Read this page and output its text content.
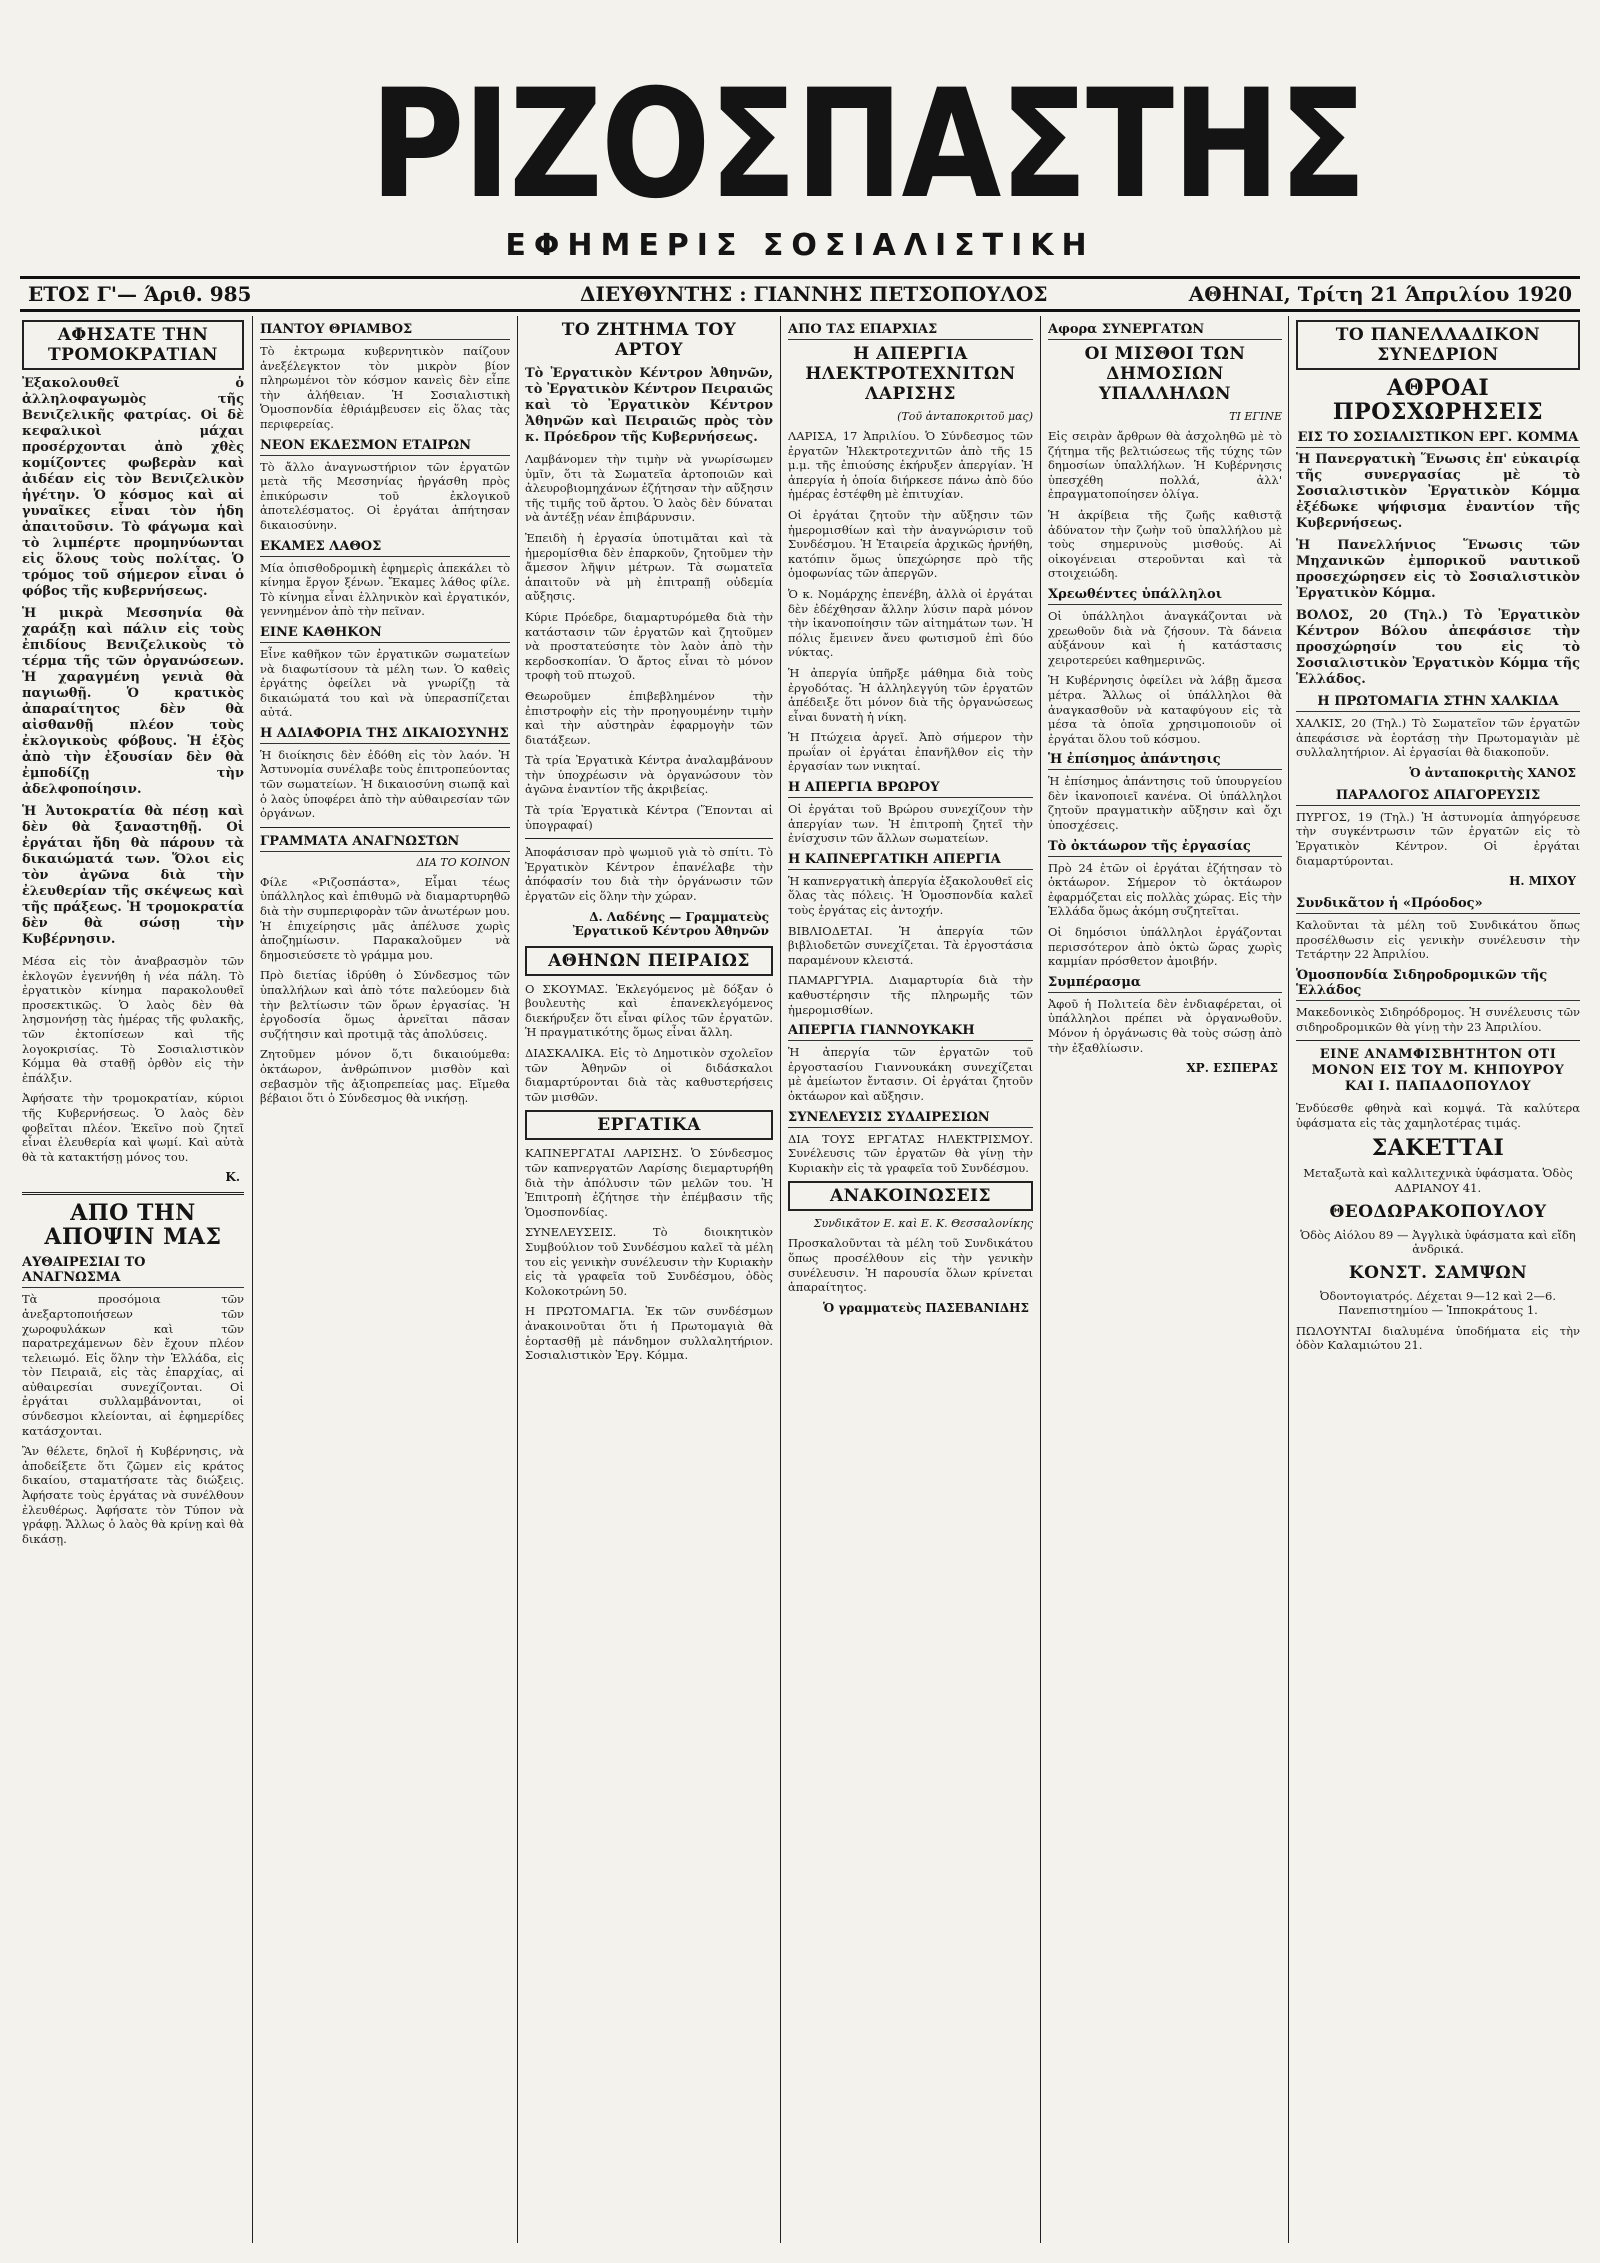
ΡΙΖΟΣΠΑΣΤΗΣ
ΕΦΗΜΕΡΙΣ ΣΟΣΙΑΛΙΣΤΙΚΗ
ΕΤΟΣ Γ'— Άριθ. 985	ΔΙΕΥΘΥΝΤΗΣ : ΓΙΑΝΝΗΣ ΠΕΤΣΟΠΟΥΛΟΣ	ΑΘΗΝΑΙ, Τρίτη 21 Άπριλίου 1920
ΑΦΗΣΑΤΕ ΤΗΝ ΤΡΟΜΟΚΡΑΤΙΑΝ

Ἐξακολουθεῖ ὁ ἀλληλοφαγωμὸς τῆς Βενιζελικῆς φατρίας. Οἱ δὲ κεφαλικοὶ μάχαι προσέρχονται ἀπὸ χθὲς κομίζοντες φωβερὰν καὶ ἀιδέαν εἰς τὸν Βενιζελικὸν ἡγέτην. Ὁ κόσμος καὶ αἱ γυναῖκες εἶναι τὸν ἡδη ἀπαιτοῦσιν. Τὸ φάγωμα καὶ τὸ λιμπέρτε προμηνύωνται εἰς ὅλους τοὺς πολίτας. Ὁ τρόμος τοῦ σήμερον εἶναι ὁ φόβος τῆς κυβερνήσεως.

Ἡ μικρὰ Μεσσηνία θὰ χαράξῃ καὶ πάλιν εἰς τοὺς ἐπιδίους Βενιζελικοὺς τὸ τέρμα τῆς τῶν ὀργανώσεων. Ἡ χαραγμένη γενιὰ θὰ παγιωθῇ. Ὁ κρατικὸς ἀπαραίτητος δὲν θὰ αἰσθανθῇ πλέον τοὺς ἐκλογικοὺς φόβους. Ἡ ἑξὸς ἀπὸ τὴν ἐξουσίαν δὲν θὰ ἐμποδίζῃ τὴν ἀδελφοποίησιν.

Ἡ Ἀυτοκρατία θὰ πέσῃ καὶ δὲν θὰ ξαναστηθῇ. Οἱ ἐργάται ἤδη θὰ πάρουν τὰ δικαιώματά των. Ὅλοι εἰς τὸν ἀγῶνα διὰ τὴν ἐλευθερίαν τῆς σκέψεως καὶ τῆς πράξεως. Ἡ τρομοκρατία δὲν θὰ σώσῃ τὴν Κυβέρνησιν.

Μέσα εἰς τὸν ἀναβρασμὸν τῶν ἐκλογῶν ἐγεννήθη ἡ νέα πάλη. Τὸ ἐργατικὸν κίνημα παρακολουθεῖ προσεκτικῶς. Ὁ λαὸς δὲν θὰ λησμονήσῃ τὰς ἡμέρας τῆς φυλακῆς, τῶν ἐκτοπίσεων καὶ τῆς λογοκρισίας. Τὸ Σοσιαλιστικὸν Κόμμα θὰ σταθῇ ὀρθὸν εἰς τὴν ἐπάλξιν.

Ἀφήσατε τὴν τρομοκρατίαν, κύριοι τῆς Κυβερνήσεως. Ὁ λαὸς δὲν φοβεῖται πλέον. Ἐκεῖνο ποὺ ζητεῖ εἶναι ἐλευθερία καὶ ψωμί. Καὶ αὐτὰ θὰ τὰ κατακτήσῃ μόνος του.

Κ.
ΑΠΟ ΤΗΝ ΑΠΟΨΙΝ ΜΑΣ
ΑΥΘΑΙΡΕΣΙΑΙ ΤΟ ΑΝΑΓΝΩΣΜΑ

Τὰ προσόμοια τῶν ἀνεξαρτοποιήσεων τῶν χωροφυλάκων καὶ τῶν παρατρεχάμενων δὲν ἔχουν πλέον τελειωμό. Εἰς ὅλην τὴν Ἑλλάδα, εἰς τὸν Πειραιᾶ, εἰς τὰς ἐπαρχίας, αἱ αὐθαιρεσίαι συνεχίζονται. Οἱ ἐργάται συλλαμβάνονται, οἱ σύνδεσμοι κλείονται, αἱ ἐφημερίδες κατάσχονται.

Ἂν θέλετε, δηλοῖ ἡ Κυβέρνησις, νὰ ἀποδείξετε ὅτι ζῶμεν εἰς κράτος δικαίου, σταματήσατε τὰς διώξεις. Ἀφήσατε τοὺς ἐργάτας νὰ συνέλθουν ἐλευθέρως. Ἀφήσατε τὸν Τύπον νὰ γράφῃ. Ἄλλως ὁ λαὸς θὰ κρίνῃ καὶ θὰ δικάσῃ.

ΠΑΝΤΟΥ ΘΡΙΑΜΒΟΣ

Τὸ ἐκτρωμα κυβερνητικὸν παίζουν ἀνεξέλεγκτον τὸν μικρὸν βίον πληρωμένοι τὸν κόσμον κανεὶς δὲν εἶπε τὴν ἀλήθειαν. Ἡ Σοσιαλιστικὴ Ὁμοσπονδία ἐθριάμβευσεν εἰς ὅλας τὰς περιφερείας.

ΝΕΟΝ ΕΚΔΕΣΜΟΝ ΕΤΑΙΡΩΝ

Τὸ ἄλλο ἀναγνωστήριον τῶν ἐργατῶν μετὰ τῆς Μεσσηνίας ἠργάσθη πρὸς ἐπικύρωσιν τοῦ ἐκλογικοῦ ἀποτελέσματος. Οἱ ἐργάται ἀπήτησαν δικαιοσύνην.

ΕΚΑΜΕΣ ΛΑΘΟΣ

Μία ὁπισθοδρομικὴ ἐφημερὶς ἀπεκάλει τὸ κίνημα ἔργον ξένων. Ἔκαμες λάθος φίλε. Τὸ κίνημα εἶναι ἑλληνικὸν καὶ ἐργατικόν, γεννημένον ἀπὸ τὴν πεῖναν.

ΕΙΝΕ ΚΑΘΗΚΟΝ

Εἶνε καθῆκον τῶν ἐργατικῶν σωματείων νὰ διαφωτίσουν τὰ μέλη των. Ὁ καθεὶς ἐργάτης ὀφείλει νὰ γνωρίζῃ τὰ δικαιώματά του καὶ νὰ ὑπερασπίζεται αὐτά.

Η ΑΔΙΑΦΟΡΙΑ ΤΗΣ ΔΙΚΑΙΟΣΥΝΗΣ

Ἡ διοίκησις δὲν ἐδόθη εἰς τὸν λαόν. Ἡ Ἀστυνομία συνέλαβε τοὺς ἐπιτροπεύοντας τῶν σωματείων. Ἡ δικαιοσύνη σιωπᾷ καὶ ὁ λαὸς ὑποφέρει ἀπὸ τὴν αὐθαιρεσίαν τῶν ὀργάνων.

ΓΡΑΜΜΑΤΑ ΑΝΑΓΝΩΣΤΩΝ
ΔΙΑ ΤΟ ΚΟΙΝΟΝ

Φίλε «Ριζοσπάστα», Εἶμαι τέως ὑπάλληλος καὶ ἐπιθυμῶ νὰ διαμαρτυρηθῶ διὰ τὴν συμπεριφορὰν τῶν ἀνωτέρων μου. Ἡ ἐπιχείρησις μᾶς ἀπέλυσε χωρὶς ἀποζημίωσιν. Παρακαλοῦμεν νὰ δημοσιεύσετε τὸ γράμμα μου.

Πρὸ διετίας ἱδρύθη ὁ Σύνδεσμος τῶν ὑπαλλήλων καὶ ἀπὸ τότε παλεύομεν διὰ τὴν βελτίωσιν τῶν ὅρων ἐργασίας. Ἡ ἐργοδοσία ὅμως ἀρνεῖται πᾶσαν συζήτησιν καὶ προτιμᾷ τὰς ἀπολύσεις.

Ζητοῦμεν μόνον ὅ,τι δικαιούμεθα: ὀκτάωρον, ἀνθρώπινον μισθὸν καὶ σεβασμὸν τῆς ἀξιοπρεπείας μας. Εἴμεθα βέβαιοι ὅτι ὁ Σύνδεσμος θὰ νικήσῃ.

ΤΟ ΖΗΤΗΜΑ ΤΟΥ ΑΡΤΟΥ

Τὸ Ἐργατικὸν Κέντρον Ἀθηνῶν, τὸ Ἐργατικὸν Κέντρον Πειραιῶς καὶ τὸ Ἐργατικὸν Κέντρον Ἀθηνῶν καὶ Πειραιῶς πρὸς τὸν κ. Πρόεδρον τῆς Κυβερνήσεως.

Λαμβάνομεν τὴν τιμὴν νὰ γνωρίσωμεν ὑμῖν, ὅτι τὰ Σωματεῖα ἀρτοποιῶν καὶ ἀλευροβιομηχάνων ἐζήτησαν τὴν αὔξησιν τῆς τιμῆς τοῦ ἄρτου. Ὁ λαὸς δὲν δύναται νὰ ἀντέξῃ νέαν ἐπιβάρυνσιν.

Ἐπειδὴ ἡ ἐργασία ὑποτιμᾶται καὶ τὰ ἡμερομίσθια δὲν ἐπαρκοῦν, ζητοῦμεν τὴν ἄμεσον λῆψιν μέτρων. Τὰ σωματεῖα ἀπαιτοῦν νὰ μὴ ἐπιτραπῇ οὐδεμία αὔξησις.

Κύριε Πρόεδρε, διαμαρτυρόμεθα διὰ τὴν κατάστασιν τῶν ἐργατῶν καὶ ζητοῦμεν νὰ προστατεύσητε τὸν λαὸν ἀπὸ τὴν κερδοσκοπίαν. Ὁ ἄρτος εἶναι τὸ μόνον τροφὴ τοῦ πτωχοῦ.

Θεωροῦμεν ἐπιβεβλημένον τὴν ἐπιστροφὴν εἰς τὴν προηγουμένην τιμὴν καὶ τὴν αὐστηρὰν ἐφαρμογὴν τῶν διατάξεων.

Τὰ τρία Ἐργατικὰ Κέντρα ἀναλαμβάνουν τὴν ὑποχρέωσιν νὰ ὀργανώσουν τὸν ἀγῶνα ἐναντίον τῆς ἀκριβείας.

Τὰ τρία Ἐργατικὰ Κέντρα (Ἕπονται αἱ ὑπογραφαί)

Ἀποφάσισαν πρὸ ψωμιοῦ γιὰ τὸ σπίτι. Τὸ Ἐργατικὸν Κέντρον ἐπανέλαβε τὴν ἀπόφασίν του διὰ τὴν ὀργάνωσιν τῶν ἐργατῶν εἰς ὅλην τὴν χώραν.

Δ. Λαδένης — Γραμματεὺς Ἐργατικοῦ Κέντρου Ἀθηνῶν
ΑΘΗΝΩΝ ΠΕΙΡΑΙΩΣ

Ο ΣΚΟΥΜΑΣ. Ἐκλεγόμενος μὲ δόξαν ὁ βουλευτὴς καὶ ἐπανεκλεγόμενος διεκήρυξεν ὅτι εἶναι φίλος τῶν ἐργατῶν. Ἡ πραγματικότης ὅμως εἶναι ἄλλη.

ΔΙΑΣΚΑΛΙΚΑ. Εἰς τὸ Δημοτικὸν σχολεῖον τῶν Ἀθηνῶν οἱ διδάσκαλοι διαμαρτύρονται διὰ τὰς καθυστερήσεις τῶν μισθῶν.

ΕΡΓΑΤΙΚΑ

ΚΑΠΝΕΡΓΑΤΑΙ ΛΑΡΙΣΗΣ. Ὁ Σύνδεσμος τῶν καπνεργατῶν Λαρίσης διεμαρτυρήθη διὰ τὴν ἀπόλυσιν τῶν μελῶν του. Ἡ Ἐπιτροπὴ ἐζήτησε τὴν ἐπέμβασιν τῆς Ὁμοσπονδίας.

ΣΥΝΕΛΕΥΣΕΙΣ. Τὸ διοικητικὸν Συμβούλιον τοῦ Συνδέσμου καλεῖ τὰ μέλη του εἰς γενικὴν συνέλευσιν τὴν Κυριακὴν εἰς τὰ γραφεῖα τοῦ Συνδέσμου, ὁδὸς Κολοκοτρώνη 50.

Η ΠΡΩΤΟΜΑΓΙΑ. Ἐκ τῶν συνδέσμων ἀνακοινοῦται ὅτι ἡ Πρωτομαγιὰ θὰ ἑορτασθῇ μὲ πάνδημον συλλαλητήριον. Σοσιαλιστικὸν Ἐργ. Κόμμα.

ΑΠΟ ΤΑΣ ΕΠΑΡΧΙΑΣ
Η ΑΠΕΡΓΙΑ ΗΛΕΚΤΡΟΤΕΧΝΙΤΩΝ ΛΑΡΙΣΗΣ
(Τοῦ ἀνταποκριτοῦ μας)

ΛΑΡΙΣΑ, 17 Ἀπριλίου. Ὁ Σύνδεσμος τῶν ἐργατῶν Ἠλεκτροτεχνιτῶν ἀπὸ τῆς 15 μ.μ. τῆς ἐπιούσης ἐκήρυξεν ἀπεργίαν. Ἡ ἀπεργία ἡ ὁποία διήρκεσε πάνω ἀπὸ δύο ἡμέρας ἐστέφθη μὲ ἐπιτυχίαν.

Οἱ ἐργάται ζητοῦν τὴν αὔξησιν τῶν ἡμερομισθίων καὶ τὴν ἀναγνώρισιν τοῦ Συνδέσμου. Ἡ Ἑταιρεία ἀρχικῶς ἠρνήθη, κατόπιν ὅμως ὑπεχώρησε πρὸ τῆς ὁμοφωνίας τῶν ἀπεργῶν.

Ὁ κ. Νομάρχης ἐπενέβη, ἀλλὰ οἱ ἐργάται δὲν ἐδέχθησαν ἄλλην λύσιν παρὰ μόνον τὴν ἱκανοποίησιν τῶν αἰτημάτων των. Ἡ πόλις ἔμεινεν ἄνευ φωτισμοῦ ἐπὶ δύο νύκτας.

Ἡ ἀπεργία ὑπῆρξε μάθημα διὰ τοὺς ἐργοδότας. Ἡ ἀλληλεγγύη τῶν ἐργατῶν ἀπέδειξε ὅτι μόνον διὰ τῆς ὀργανώσεως εἶναι δυνατὴ ἡ νίκη.

Ἡ Πτώχεια ἀργεῖ. Ἀπὸ σήμερον τὴν πρωΐαν οἱ ἐργάται ἐπανῆλθον εἰς τὴν ἐργασίαν των νικηταί.

Η ΑΠΕΡΓΙΑ ΒΡΩΡΟΥ

Οἱ ἐργάται τοῦ Βρώρου συνεχίζουν τὴν ἀπεργίαν των. Ἡ ἐπιτροπὴ ζητεῖ τὴν ἐνίσχυσιν τῶν ἄλλων σωματείων.

Η ΚΑΠΝΕΡΓΑΤΙΚΗ ΑΠΕΡΓΙΑ

Ἡ καπνεργατικὴ ἀπεργία ἐξακολουθεῖ εἰς ὅλας τὰς πόλεις. Ἡ Ὁμοσπονδία καλεῖ τοὺς ἐργάτας εἰς ἀντοχήν.

ΒΙΒΛΙΟΔΕΤΑΙ. Ἡ ἀπεργία τῶν βιβλιοδετῶν συνεχίζεται. Τὰ ἐργοστάσια παραμένουν κλειστά.

ΠΑΜΑΡΓΥΡΙΑ. Διαμαρτυρία διὰ τὴν καθυστέρησιν τῆς πληρωμῆς τῶν ἡμερομισθίων.

ΑΠΕΡΓΙΑ ΓΙΑΝΝΟΥΚΑΚΗ

Ἡ ἀπεργία τῶν ἐργατῶν τοῦ ἐργοστασίου Γιαννουκάκη συνεχίζεται μὲ ἀμείωτον ἔντασιν. Οἱ ἐργάται ζητοῦν ὀκτάωρον καὶ αὔξησιν.

ΣΥΝΕΛΕΥΣΙΣ ΣΥΔΑΙΡΕΣΙΩΝ

ΔΙΑ ΤΟΥΣ ΕΡΓΑΤΑΣ ΗΛΕΚΤΡΙΣΜΟΥ. Συνέλευσις τῶν ἐργατῶν θὰ γίνῃ τὴν Κυριακὴν εἰς τὰ γραφεῖα τοῦ Συνδέσμου.

ΑΝΑΚΟΙΝΩΣΕΙΣ
Συνδικᾶτον Ε. καὶ Ε. Κ. Θεσσαλονίκης

Προσκαλοῦνται τὰ μέλη τοῦ Συνδικάτου ὅπως προσέλθουν εἰς τὴν γενικὴν συνέλευσιν. Ἡ παρουσία ὅλων κρίνεται ἀπαραίτητος.

Ὁ γραμματεὺς ΠΑΣΕΒΑΝΙΔΗΣ
Αφορα ΣΥΝΕΡΓΑΤΩΝ
ΟΙ ΜΙΣΘΟΙ ΤΩΝ ΔΗΜΟΣΙΩΝ ΥΠΑΛΛΗΛΩΝ
ΤΙ ΕΓΙΝΕ

Εἰς σειρὰν ἄρθρων θὰ ἀσχοληθῶ μὲ τὸ ζήτημα τῆς βελτιώσεως τῆς τύχης τῶν δημοσίων ὑπαλλήλων. Ἡ Κυβέρνησις ὑπεσχέθη πολλά, ἀλλ' ἐπραγματοποίησεν ὀλίγα.

Ἡ ἀκρίβεια τῆς ζωῆς καθιστᾷ ἀδύνατον τὴν ζωὴν τοῦ ὑπαλλήλου μὲ τοὺς σημερινοὺς μισθούς. Αἱ οἰκογένειαι στεροῦνται καὶ τὰ στοιχειώδη.

Χρεωθέντες ὑπάλληλοι

Οἱ ὑπάλληλοι ἀναγκάζονται νὰ χρεωθοῦν διὰ νὰ ζήσουν. Τὰ δάνεια αὐξάνουν καὶ ἡ κατάστασις χειροτερεύει καθημερινῶς.

Ἡ Κυβέρνησις ὀφείλει νὰ λάβῃ ἄμεσα μέτρα. Ἄλλως οἱ ὑπάλληλοι θὰ ἀναγκασθοῦν νὰ καταφύγουν εἰς τὰ μέσα τὰ ὁποῖα χρησιμοποιοῦν οἱ ἐργάται ὅλου τοῦ κόσμου.

Ἡ ἐπίσημος ἀπάντησις

Ἡ ἐπίσημος ἀπάντησις τοῦ ὑπουργείου δὲν ἱκανοποιεῖ κανένα. Οἱ ὑπάλληλοι ζητοῦν πραγματικὴν αὔξησιν καὶ ὄχι ὑποσχέσεις.

Τὸ ὀκτάωρον τῆς ἐργασίας

Πρὸ 24 ἐτῶν οἱ ἐργάται ἐζήτησαν τὸ ὀκτάωρον. Σήμερον τὸ ὀκτάωρον ἐφαρμόζεται εἰς πολλὰς χώρας. Εἰς τὴν Ἑλλάδα ὅμως ἀκόμη συζητεῖται.

Οἱ δημόσιοι ὑπάλληλοι ἐργάζονται περισσότερον ἀπὸ ὀκτὼ ὥρας χωρὶς καμμίαν πρόσθετον ἀμοιβήν.

Συμπέρασμα

Ἀφοῦ ἡ Πολιτεία δὲν ἐνδιαφέρεται, οἱ ὑπάλληλοι πρέπει νὰ ὀργανωθοῦν. Μόνον ἡ ὀργάνωσις θὰ τοὺς σώσῃ ἀπὸ τὴν ἐξαθλίωσιν.

ΧΡ. ΕΣΠΕΡΑΣ
ΤΟ ΠΑΝΕΛΛΑΔΙΚΟΝ ΣΥΝΕΔΡΙΟΝ
ΑΘΡΟΑΙ ΠΡΟΣΧΩΡΗΣΕΙΣ
ΕΙΣ ΤΟ ΣΟΣΙΑΛΙΣΤΙΚΟΝ ΕΡΓ. ΚΟΜΜΑ

Ἡ Πανεργατικὴ Ἕνωσις ἐπ' εὐκαιρίᾳ τῆς συνεργασίας μὲ τὸ Σοσιαλιστικὸν Ἐργατικὸν Κόμμα ἐξέδωκε ψήφισμα ἐναντίον τῆς Κυβερνήσεως.

Ἡ Πανελλήνιος Ἕνωσις τῶν Μηχανικῶν ἐμπορικοῦ ναυτικοῦ προσεχώρησεν εἰς τὸ Σοσιαλιστικὸν Ἐργατικὸν Κόμμα.

ΒΟΛΟΣ, 20 (Τηλ.) Τὸ Ἐργατικὸν Κέντρον Βόλου ἀπεφάσισε τὴν προσχώρησίν του εἰς τὸ Σοσιαλιστικὸν Ἐργατικὸν Κόμμα τῆς Ἑλλάδος.

Η ΠΡΩΤΟΜΑΓΙΑ ΣΤΗΝ ΧΑΛΚΙΔΑ

ΧΑΛΚΙΣ, 20 (Τηλ.) Τὸ Σωματεῖον τῶν ἐργατῶν ἀπεφάσισε νὰ ἑορτάσῃ τὴν Πρωτομαγιὰν μὲ συλλαλητήριον. Αἱ ἐργασίαι θὰ διακοποῦν.

Ὁ ἀνταποκριτὴς ΧΑΝΟΣ
ΠΑΡΑΛΟΓΟΣ ΑΠΑΓΟΡΕΥΣΙΣ

ΠΥΡΓΟΣ, 19 (Τηλ.) Ἡ ἀστυνομία ἀπηγόρευσε τὴν συγκέντρωσιν τῶν ἐργατῶν εἰς τὸ Ἐργατικὸν Κέντρον. Οἱ ἐργάται διαμαρτύρονται.

Η. ΜΙΧΟΥ
Συνδικᾶτον ἡ «Πρόοδος»

Καλοῦνται τὰ μέλη τοῦ Συνδικάτου ὅπως προσέλθωσιν εἰς γενικὴν συνέλευσιν τὴν Τετάρτην 22 Ἀπριλίου.

Ὁμοσπονδία Σιδηροδρομικῶν τῆς Ἑλλάδος

Μακεδονικὸς Σιδηρόδρομος. Ἡ συνέλευσις τῶν σιδηροδρομικῶν θὰ γίνῃ τὴν 23 Ἀπριλίου.

ΕΙΝΕ ΑΝΑΜΦΙΣΒΗΤΗΤΟΝ ΟΤΙ ΜΟΝΟΝ ΕΙΣ ΤΟΥ Μ. ΚΗΠΟΥΡΟΥ ΚΑΙ Ι. ΠΑΠΑΔΟΠΟΥΛΟΥ

Ἐνδύεσθε φθηνὰ καὶ κομψά. Τὰ καλύτερα ὑφάσματα εἰς τὰς χαμηλοτέρας τιμάς.

ΣΑΚΕΤΤΑΙ

Μεταξωτὰ καὶ καλλιτεχνικὰ ὑφάσματα. Ὁδὸς ΑΔΡΙΑΝΟΥ 41.

ΘΕΟΔΩΡΑΚΟΠΟΥΛΟΥ

Ὁδὸς Αἰόλου 89 — Ἀγγλικὰ ὑφάσματα καὶ εἴδη ἀνδρικά.

ΚΟΝΣΤ. ΣΑΜΨΩΝ

Ὀδοντογιατρός. Δέχεται 9—12 καὶ 2—6. Πανεπιστημίου — Ἱπποκράτους 1.

ΠΩΛΟΥΝΤΑΙ διαλυμένα ὑποδήματα εἰς τὴν ὁδὸν Καλαμιώτου 21.
